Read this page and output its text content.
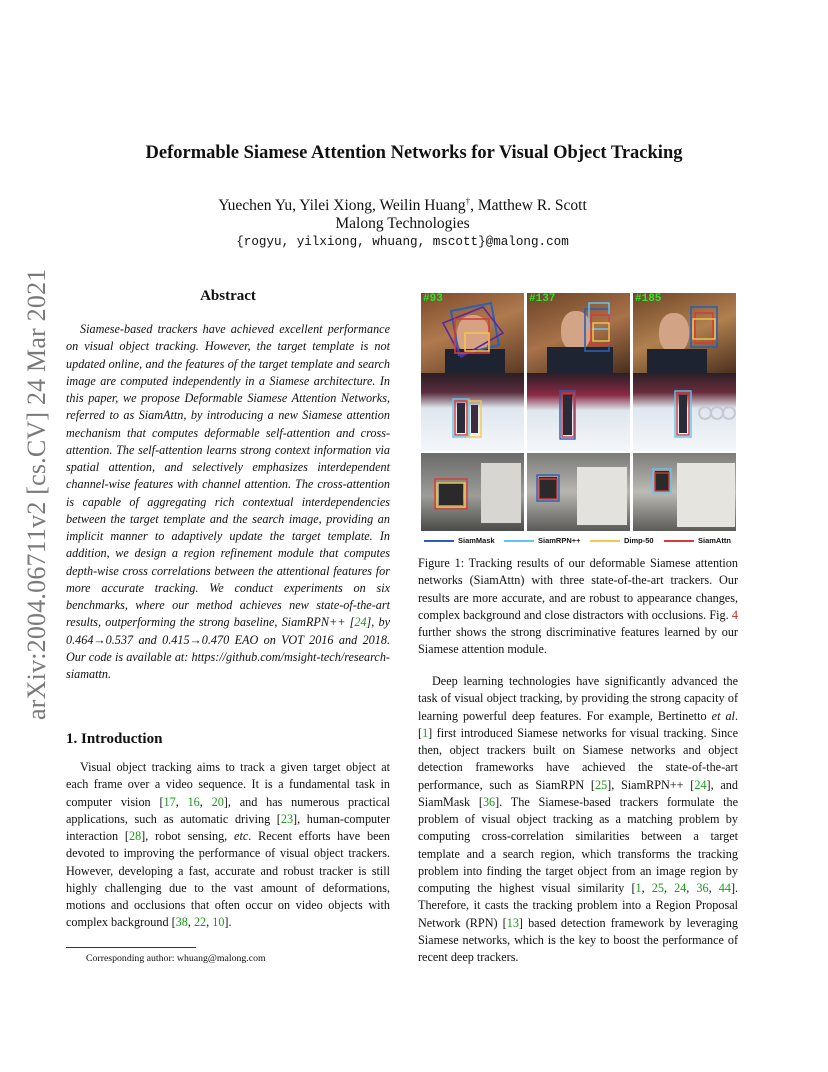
Deformable Siamese Attention Networks for Visual Object Tracking
Yuechen Yu, Yilei Xiong, Weilin Huang†, Matthew R. Scott
Malong Technologies
{rogyu, yilxiong, whuang, mscott}@malong.com
arXiv:2004.06711v2 [cs.CV] 24 Mar 2021	Abstract

Siamese-based trackers have achieved excellent performance on visual object tracking. However, the target template is not updated online, and the features of the target template and search image are computed independently in a Siamese architecture. In this paper, we propose Deformable Siamese Attention Networks, referred to as SiamAttn, by introducing a new Siamese attention mechanism that computes deformable self-attention and cross-attention. The self-attention learns strong context information via spatial attention, and selectively emphasizes interdependent channel-wise features with channel attention. The cross-attention is capable of aggregating rich contextual interdependencies between the target template and the search image, providing an implicit manner to adaptively update the target template. In addition, we design a region refinement module that computes depth-wise cross correlations between the attentional features for more accurate tracking. We conduct experiments on six benchmarks, where our method achieves new state-of-the-art results, outperforming the strong baseline, SiamRPN++ [24], by 0.464→0.537 and 0.415→0.470 EAO on VOT 2016 and 2018. Our code is available at: https://github.com/msight-tech/research-siamattn.

1. Introduction

Visual object tracking aims to track a given target object at each frame over a video sequence. It is a fundamental task in computer vision [17, 16, 20], and has numerous practical applications, such as automatic driving [23], human-computer interaction [28], robot sensing, etc. Recent efforts have been devoted to improving the performance of visual object trackers. However, developing a fast, accurate and robust tracker is still highly challenging due to the vast amount of deformations, motions and occlusions that often occur on video objects with complex background [38, 22, 10].

Corresponding author: whuang@malong.com
#93	#137	#185
SiamMask	SiamRPN++	Dimp-50	SiamAttn
Figure 1: Tracking results of our deformable Siamese attention networks (SiamAttn) with three state-of-the-art trackers. Our results are more accurate, and are robust to appearance changes, complex background and close distractors with occlusions. Fig. 4 further shows the strong discriminative features learned by our Siamese attention module.

Deep learning technologies have significantly advanced the task of visual object tracking, by providing the strong capacity of learning powerful deep features. For example, Bertinetto et al. [1] first introduced Siamese networks for visual tracking. Since then, object trackers built on Siamese networks and object detection frameworks have achieved the state-of-the-art performance, such as SiamRPN [25], SiamRPN++ [24], and SiamMask [36]. The Siamese-based trackers formulate the problem of visual object tracking as a matching problem by computing cross-correlation similarities between a target template and a search region, which transforms the tracking problem into finding the target object from an image region by computing the highest visual similarity [1, 25, 24, 36, 44]. Therefore, it casts the tracking problem into a Region Proposal Network (RPN) [13] based detection framework by leveraging Siamese networks, which is the key to boost the performance of recent deep trackers.
